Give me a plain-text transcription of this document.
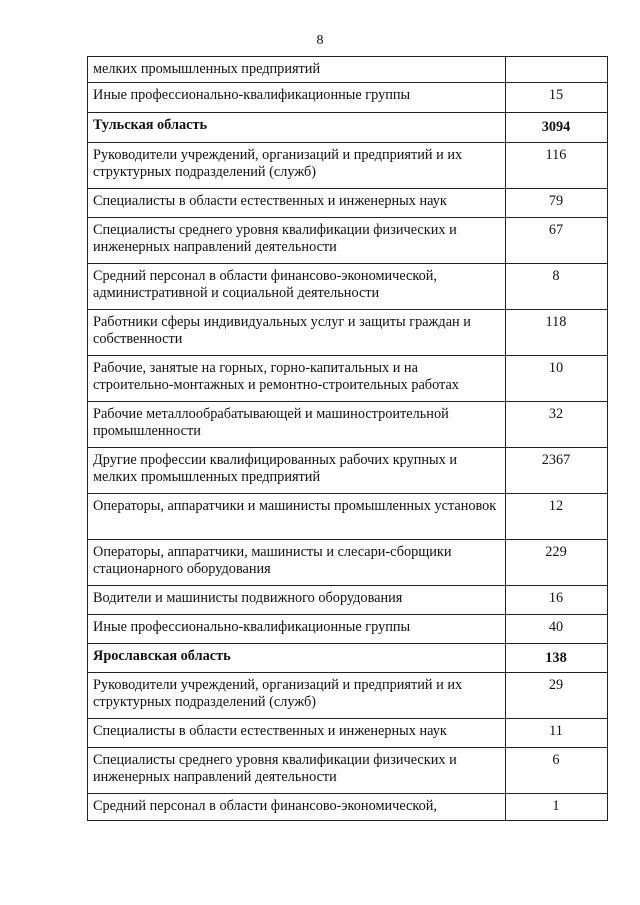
8
мелких промышленных предприятий	
Иные профессионально-квалификационные группы	15
Тульская область	3094
Руководители учреждений, организаций и предприятий и их структурных подразделений (служб)	116
Специалисты в области естественных и инженерных наук	79
Специалисты среднего уровня квалификации физических и инженерных направлений деятельности	67
Средний персонал в области финансово-экономической, административной и социальной деятельности	8
Работники сферы индивидуальных услуг и защиты граждан и собственности	118
Рабочие, занятые на горных, горно-капитальных и на строительно-монтажных и ремонтно-строительных работах	10
Рабочие металлообрабатывающей и машиностроительной промышленности	32
Другие профессии квалифицированных рабочих крупных и мелких промышленных предприятий	2367
Операторы, аппаратчики и машинисты промышленных установок	12
Операторы, аппаратчики, машинисты и слесари-сборщики стационарного оборудования	229
Водители и машинисты подвижного оборудования	16
Иные профессионально-квалификационные группы	40
Ярославская область	138
Руководители учреждений, организаций и предприятий и их структурных подразделений (служб)	29
Специалисты в области естественных и инженерных наук	11
Специалисты среднего уровня квалификации физических и инженерных направлений деятельности	6
Средний персонал в области финансово-экономической,	1
